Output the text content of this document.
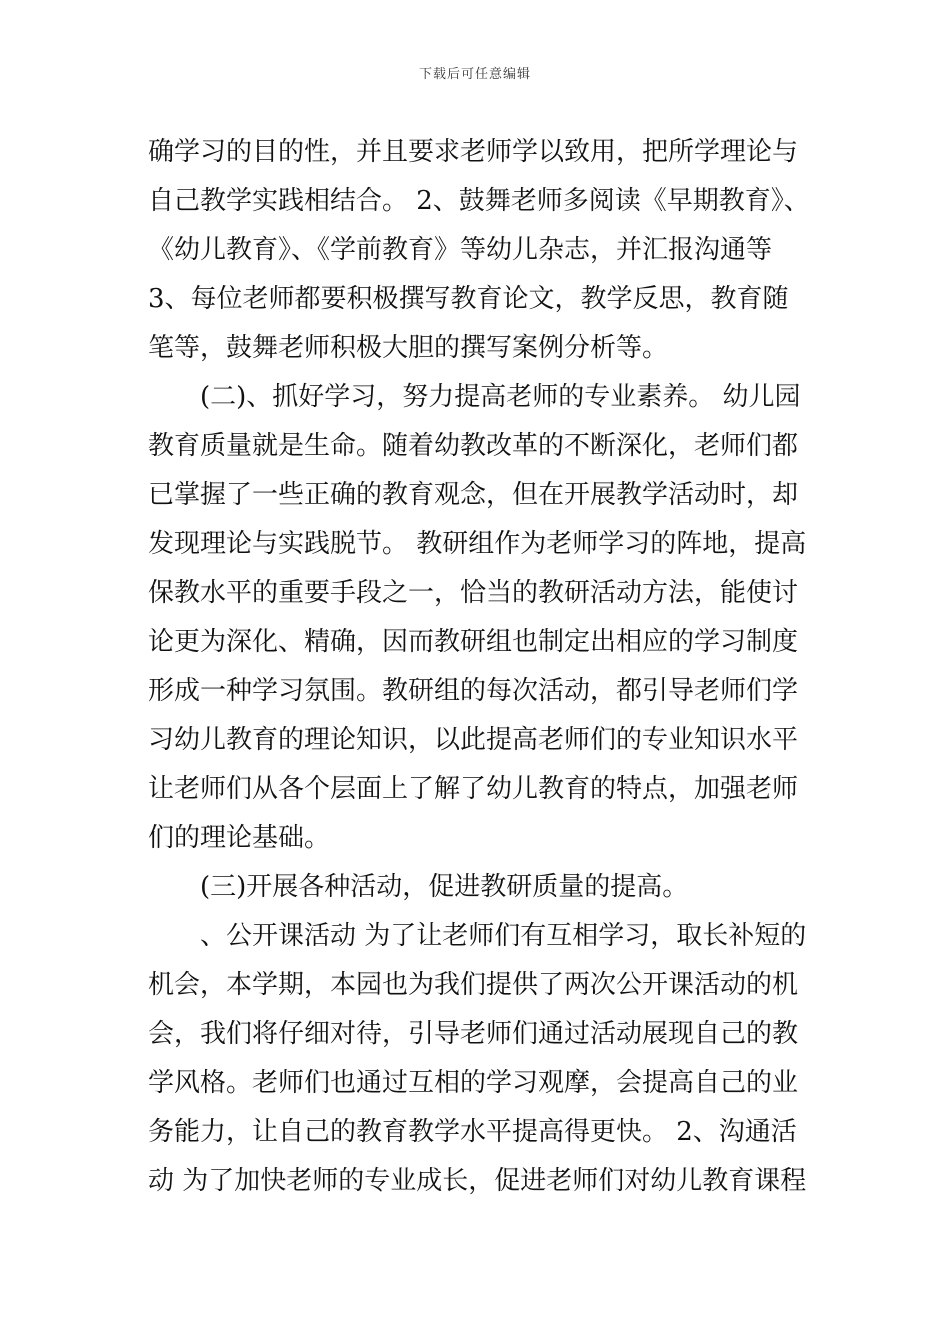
下载后可任意编辑
确学习的目的性，并且要求老师学以致用，把所学理论与
自己教学实践相结合。 2、鼓舞老师多阅读《早期教育》、
《幼儿教育》、《学前教育》等幼儿杂志，并汇报沟通等
3、每位老师都要积极撰写教育论文，教学反思，教育随
笔等，鼓舞老师积极大胆的撰写案例分析等。
(二)、抓好学习，努力提高老师的专业素养。 幼儿园
教育质量就是生命。随着幼教改革的不断深化，老师们都
已掌握了一些正确的教育观念，但在开展教学活动时，却
发现理论与实践脱节。 教研组作为老师学习的阵地，提高
保教水平的重要手段之一，恰当的教研活动方法，能使讨
论更为深化、精确，因而教研组也制定出相应的学习制度
形成一种学习氛围。教研组的每次活动，都引导老师们学
习幼儿教育的理论知识，以此提高老师们的专业知识水平
让老师们从各个层面上了解了幼儿教育的特点，加强老师
们的理论基础。
(三)开展各种活动，促进教研质量的提高。
、公开课活动 为了让老师们有互相学习，取长补短的
机会，本学期，本园也为我们提供了两次公开课活动的机
会，我们将仔细对待，引导老师们通过活动展现自己的教
学风格。老师们也通过互相的学习观摩，会提高自己的业
务能力，让自己的教育教学水平提高得更快。 2、沟通活
动 为了加快老师的专业成长，促进老师们对幼儿教育课程
